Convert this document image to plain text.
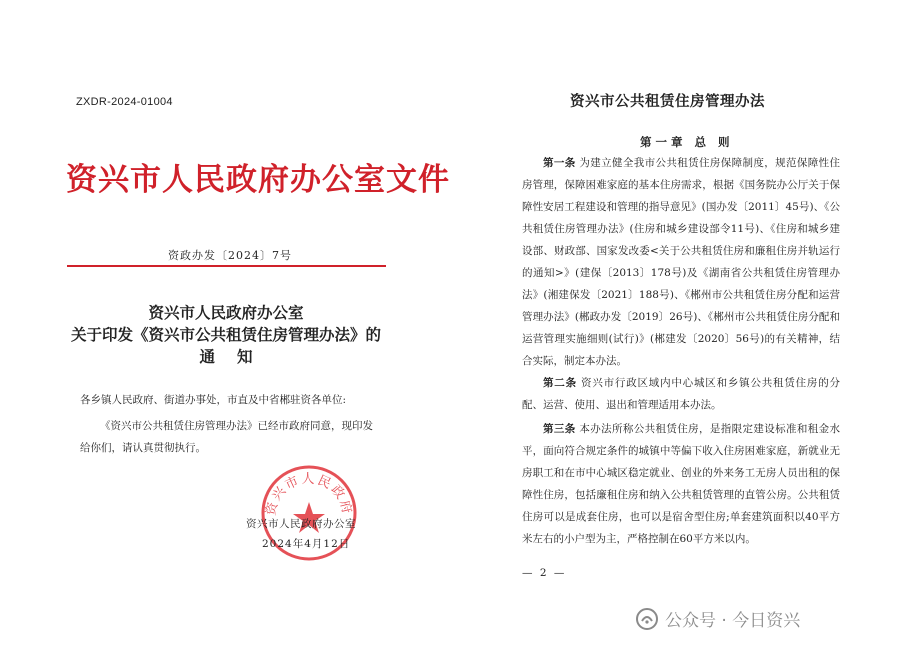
ZXDR-2024-01004
资兴市人民政府办公室文件
资政办发〔2024〕7号
资兴市人民政府办公室
关于印发《资兴市公共租赁住房管理办法》的
通知
各乡镇人民政府、街道办事处，市直及中省郴驻资各单位:
《资兴市公共租赁住房管理办法》已经市政府同意，现印发给你们，请认真贯彻执行。
资兴市人民政府
资兴市人民政府办公室
2024年4月12日
资兴市公共租赁住房管理办法
第一章 总 则
第一条 为建立健全我市公共租赁住房保障制度，规范保障性住房管理，保障困难家庭的基本住房需求，根据《国务院办公厅关于保障性安居工程建设和管理的指导意见》(国办发〔2011〕45号)、《公共租赁住房管理办法》(住房和城乡建设部令11号)、《住房和城乡建设部、财政部、国家发改委<关于公共租赁住房和廉租住房并轨运行的通知>》(建保〔2013〕178号)及《湖南省公共租赁住房管理办法》(湘建保发〔2021〕188号)、《郴州市公共租赁住房分配和运营管理办法》(郴政办发〔2019〕26号)、《郴州市公共租赁住房分配和运营管理实施细则(试行)》(郴建发〔2020〕56号)的有关精神，结合实际，制定本办法。
第二条 资兴市行政区域内中心城区和乡镇公共租赁住房的分配、运营、使用、退出和管理适用本办法。
第三条 本办法所称公共租赁住房，是指限定建设标准和租金水平，面向符合规定条件的城镇中等偏下收入住房困难家庭，新就业无房职工和在市中心城区稳定就业、创业的外来务工无房人员出租的保障性住房，包括廉租住房和纳入公共租赁管理的直管公房。公共租赁住房可以是成套住房，也可以是宿舍型住房;单套建筑面积以40平方米左右的小户型为主，严格控制在60平方米以内。
— 2 —
公众号 · 今日资兴
